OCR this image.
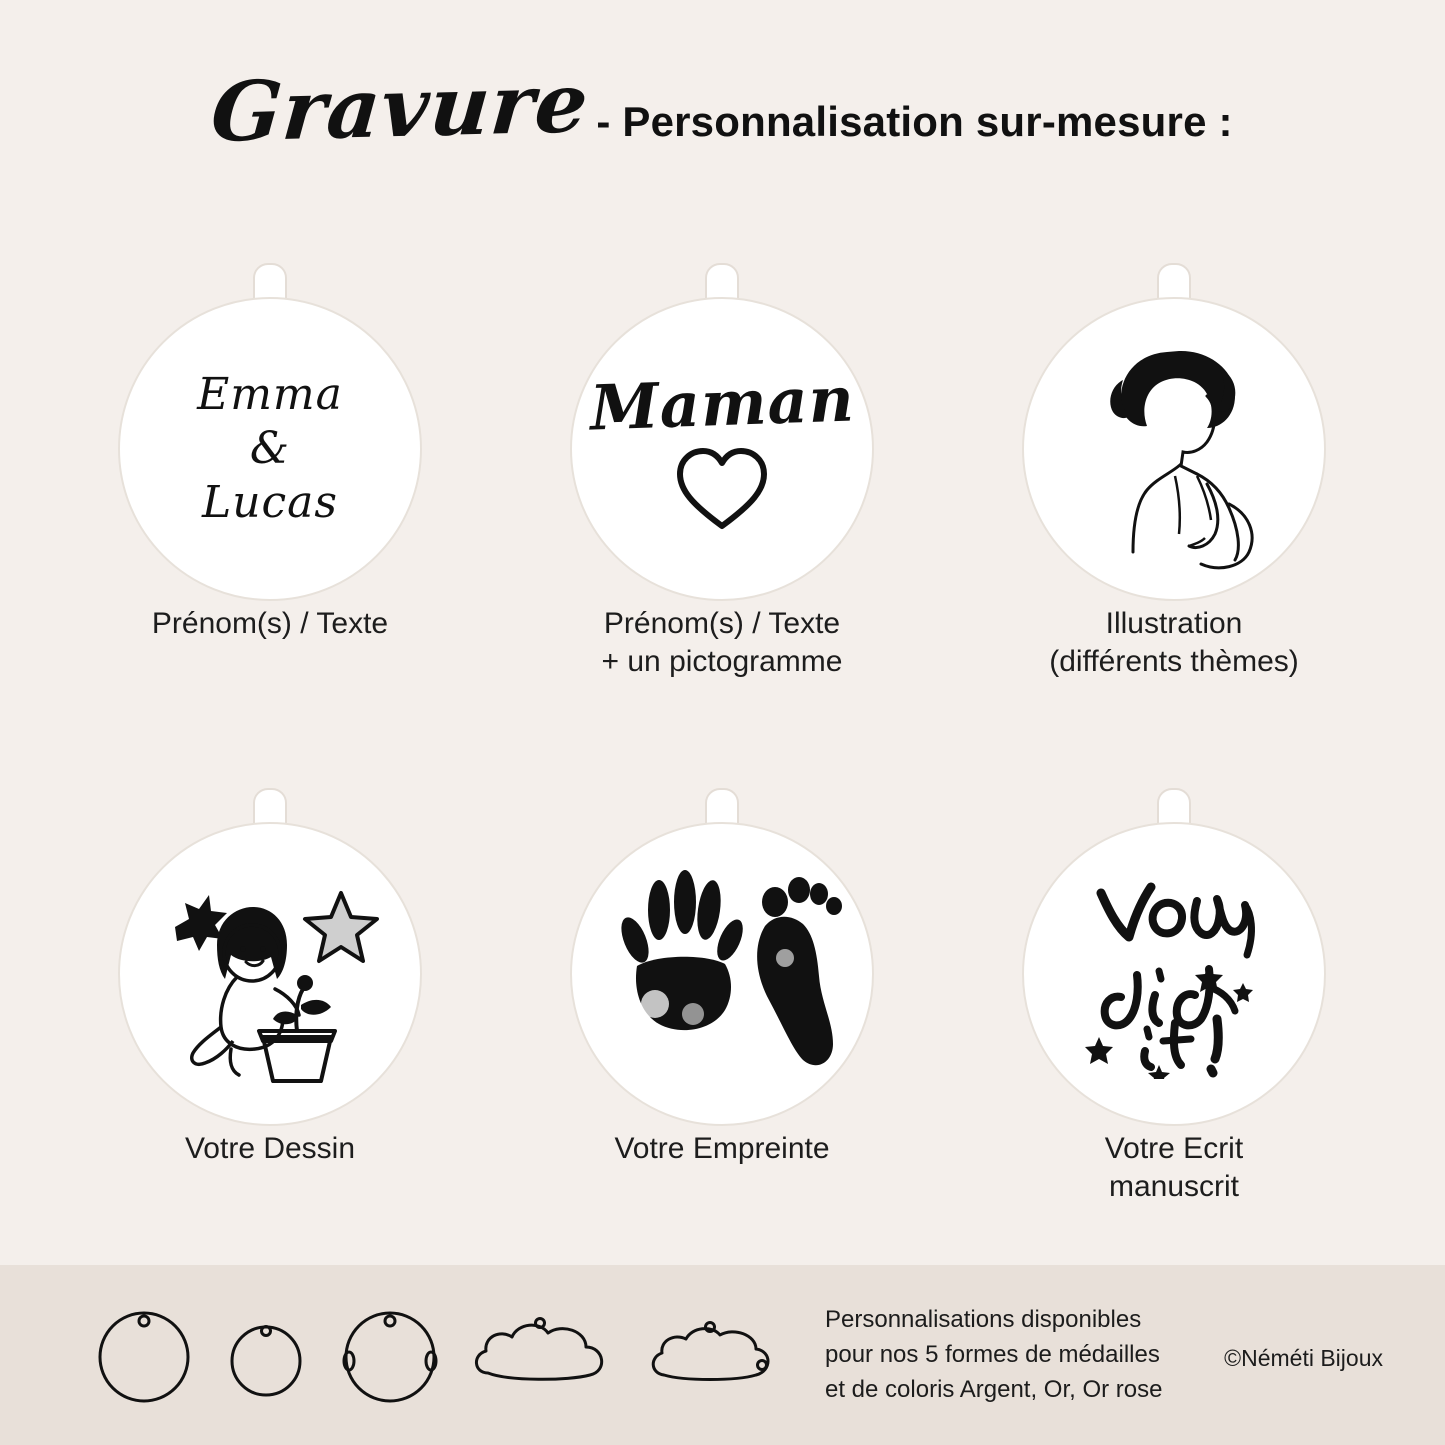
Gravure - Personnalisation sur-mesure :
Emma
&
Lucas
Prénom(s) / Texte
Maman
Prénom(s) / Texte
+ un pictogramme
Illustration
(différents thèmes)
Votre Dessin	Votre Empreinte	Votre Ecrit
manuscrit
Personnalisations disponibles
pour nos 5 formes de médailles
et de coloris Argent, Or, Or rose
©Néméti Bijoux
